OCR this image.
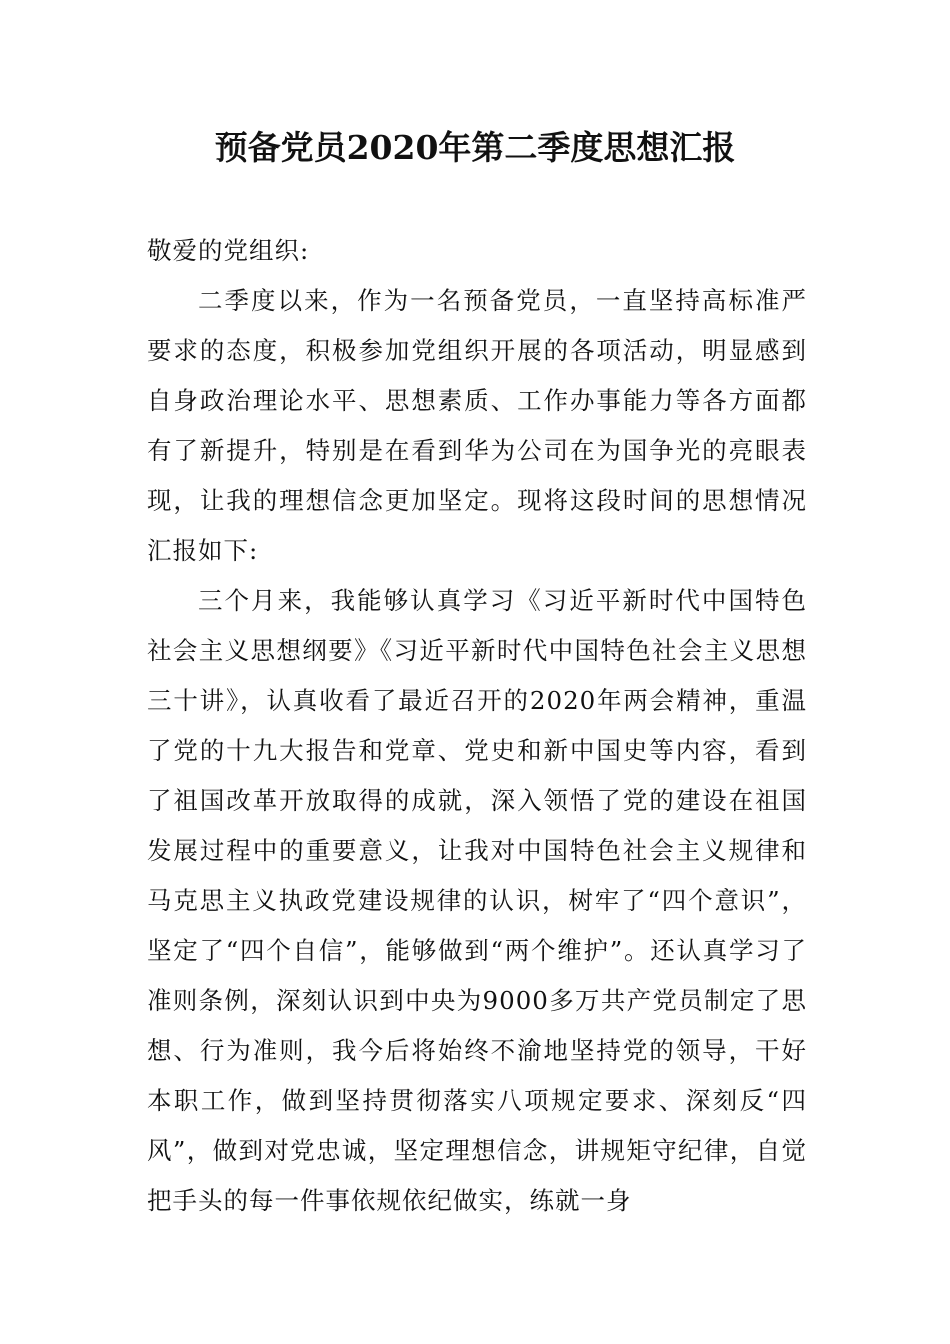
预备党员2020年第二季度思想汇报

敬爱的党组织:

二季度以来，作为一名预备党员，一直坚持高标准严要求的态度，积极参加党组织开展的各项活动，明显感到自身政治理论水平、思想素质、工作办事能力等各方面都有了新提升，特别是在看到华为公司在为国争光的亮眼表现，让我的理想信念更加坚定。现将这段时间的思想情况汇报如下:

三个月来，我能够认真学习《习近平新时代中国特色社会主义思想纲要》《习近平新时代中国特色社会主义思想三十讲》，认真收看了最近召开的2020年两会精神，重温了党的十九大报告和党章、党史和新中国史等内容，看到了祖国改革开放取得的成就，深入领悟了党的建设在祖国发展过程中的重要意义，让我对中国特色社会主义规律和马克思主义执政党建设规律的认识，树牢了“四个意识”，坚定了“四个自信”，能够做到“两个维护”。还认真学习了准则条例，深刻认识到中央为9000多万共产党员制定了思想、行为准则，我今后将始终不渝地坚持党的领导，干好本职工作，做到坚持贯彻落实八项规定要求、深刻反“四风”，做到对党忠诚，坚定理想信念，讲规矩守纪律，自觉把手头的每一件事依规依纪做实，练就一身
